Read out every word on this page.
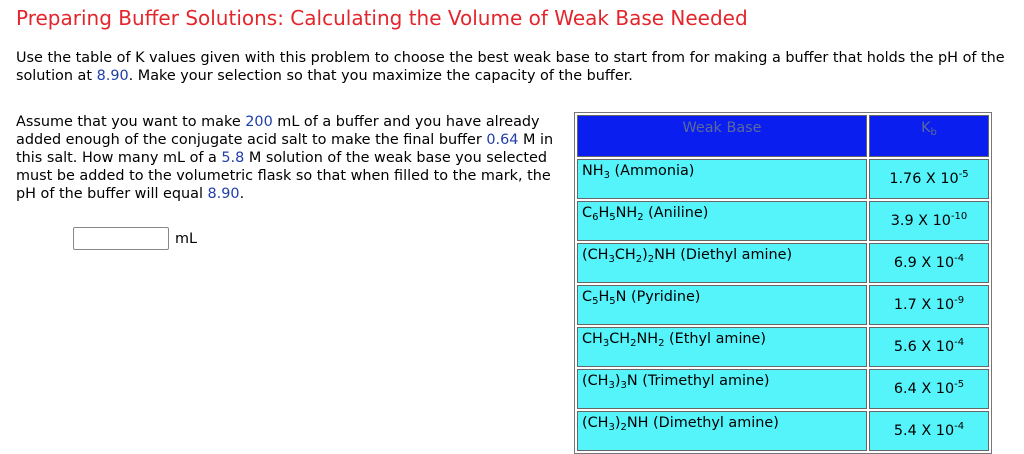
Preparing Buffer Solutions: Calculating the Volume of Weak Base Needed

Use the table of K values given with this problem to choose the best weak base to start from for making a buffer that holds the pH of the solution at 8.90. Make your selection so that you maximize the capacity of the buffer.

Assume that you want to make 200 mL of a buffer and you have already added enough of the conjugate acid salt to make the final buffer 0.64 M in this salt. How many mL of a 5.8 M solution of the weak base you selected must be added to the volumetric flask so that when filled to the mark, the pH of the buffer will equal 8.90.

mL
Weak Base	$K_b$
$NH_3$ (Ammonia)	1.76 X $10^{-5}$
$C_6H_5NH_2$ (Aniline)	3.9 X $10^{-10}$
$(CH_3CH_2)_2NH$ (Diethyl amine)	6.9 X $10^{-4}$
$C_5H_5N$ (Pyridine)	1.7 X $10^{-9}$
$CH_3CH_2NH_2$ (Ethyl amine)	5.6 X $10^{-4}$
$(CH_3)_3N$ (Trimethyl amine)	6.4 X $10^{-5}$
$(CH_3)_2NH$ (Dimethyl amine)	5.4 X $10^{-4}$
